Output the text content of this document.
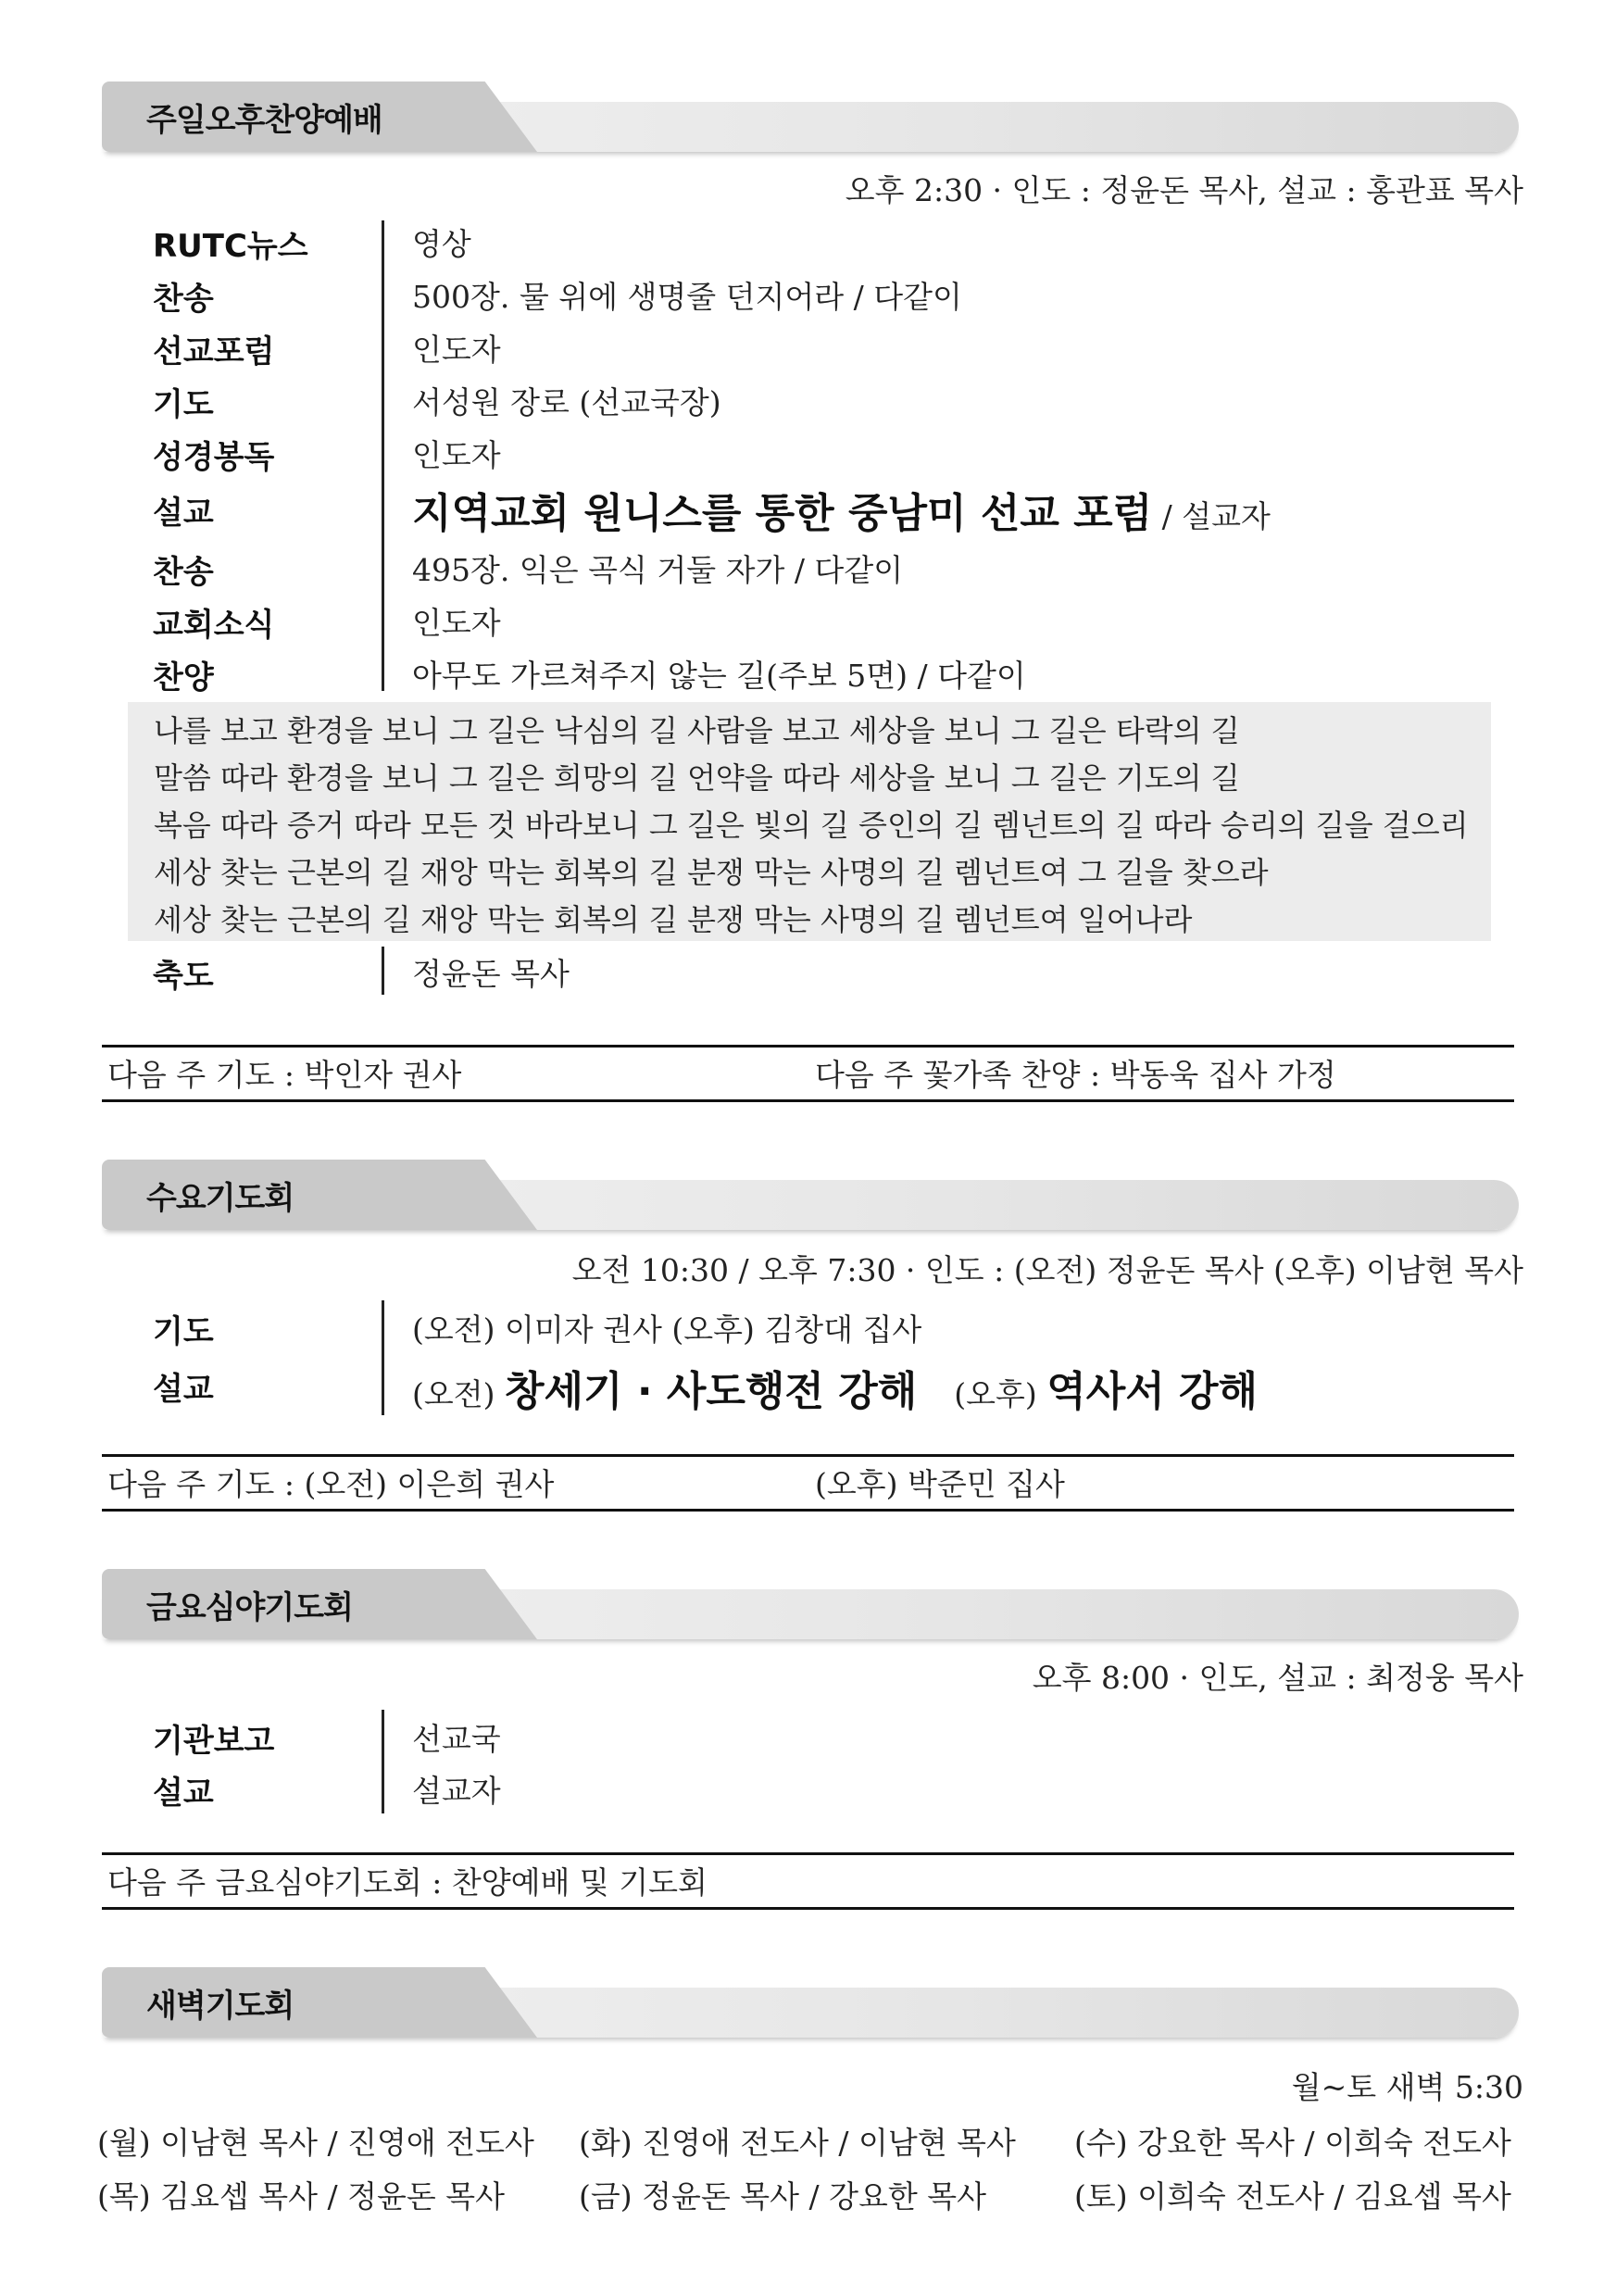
주일오후찬양예배
오후 2:30 · 인도 : 정윤돈 목사, 설교 : 홍관표 목사
RUTC뉴스	영상
찬송	500장. 물 위에 생명줄 던지어라 / 다같이
선교포럼	인도자
기도	서성원 장로 (선교국장)
성경봉독	인도자
설교	지역교회 원니스를 통한 중남미 선교 포럼 / 설교자
찬송	495장. 익은 곡식 거둘 자가 / 다같이
교회소식	인도자
찬양	아무도 가르쳐주지 않는 길(주보 5면) / 다같이
나를 보고 환경을 보니 그 길은 낙심의 길 사람을 보고 세상을 보니 그 길은 타락의 길
말씀 따라 환경을 보니 그 길은 희망의 길 언약을 따라 세상을 보니 그 길은 기도의 길
복음 따라 증거 따라 모든 것 바라보니 그 길은 빛의 길 증인의 길 렘넌트의 길 따라 승리의 길을 걸으리
세상 찾는 근본의 길 재앙 막는 회복의 길 분쟁 막는 사명의 길 렘넌트여 그 길을 찾으라
세상 찾는 근본의 길 재앙 막는 회복의 길 분쟁 막는 사명의 길 렘넌트여 일어나라
축도	정윤돈 목사
다음 주 기도 : 박인자 권사	다음 주 꽃가족 찬양 : 박동욱 집사 가정
수요기도회
오전 10:30 / 오후 7:30 · 인도 : (오전) 정윤돈 목사 (오후) 이남현 목사
기도	(오전) 이미자 권사 (오후) 김창대 집사
설교	(오전) 창세기 · 사도행전 강해 (오후) 역사서 강해
다음 주 기도 : (오전) 이은희 권사	(오후) 박준민 집사
금요심야기도회
오후 8:00 · 인도, 설교 : 최정웅 목사
기관보고	선교국
설교	설교자
다음 주 금요심야기도회 : 찬양예배 및 기도회
새벽기도회
월~토 새벽 5:30
(월) 이남현 목사 / 진영애 전도사 (화) 진영애 전도사 / 이남현 목사 (수) 강요한 목사 / 이희숙 전도사
(목) 김요셉 목사 / 정윤돈 목사 (금) 정윤돈 목사 / 강요한 목사	(토) 이희숙 전도사 / 김요셉 목사
